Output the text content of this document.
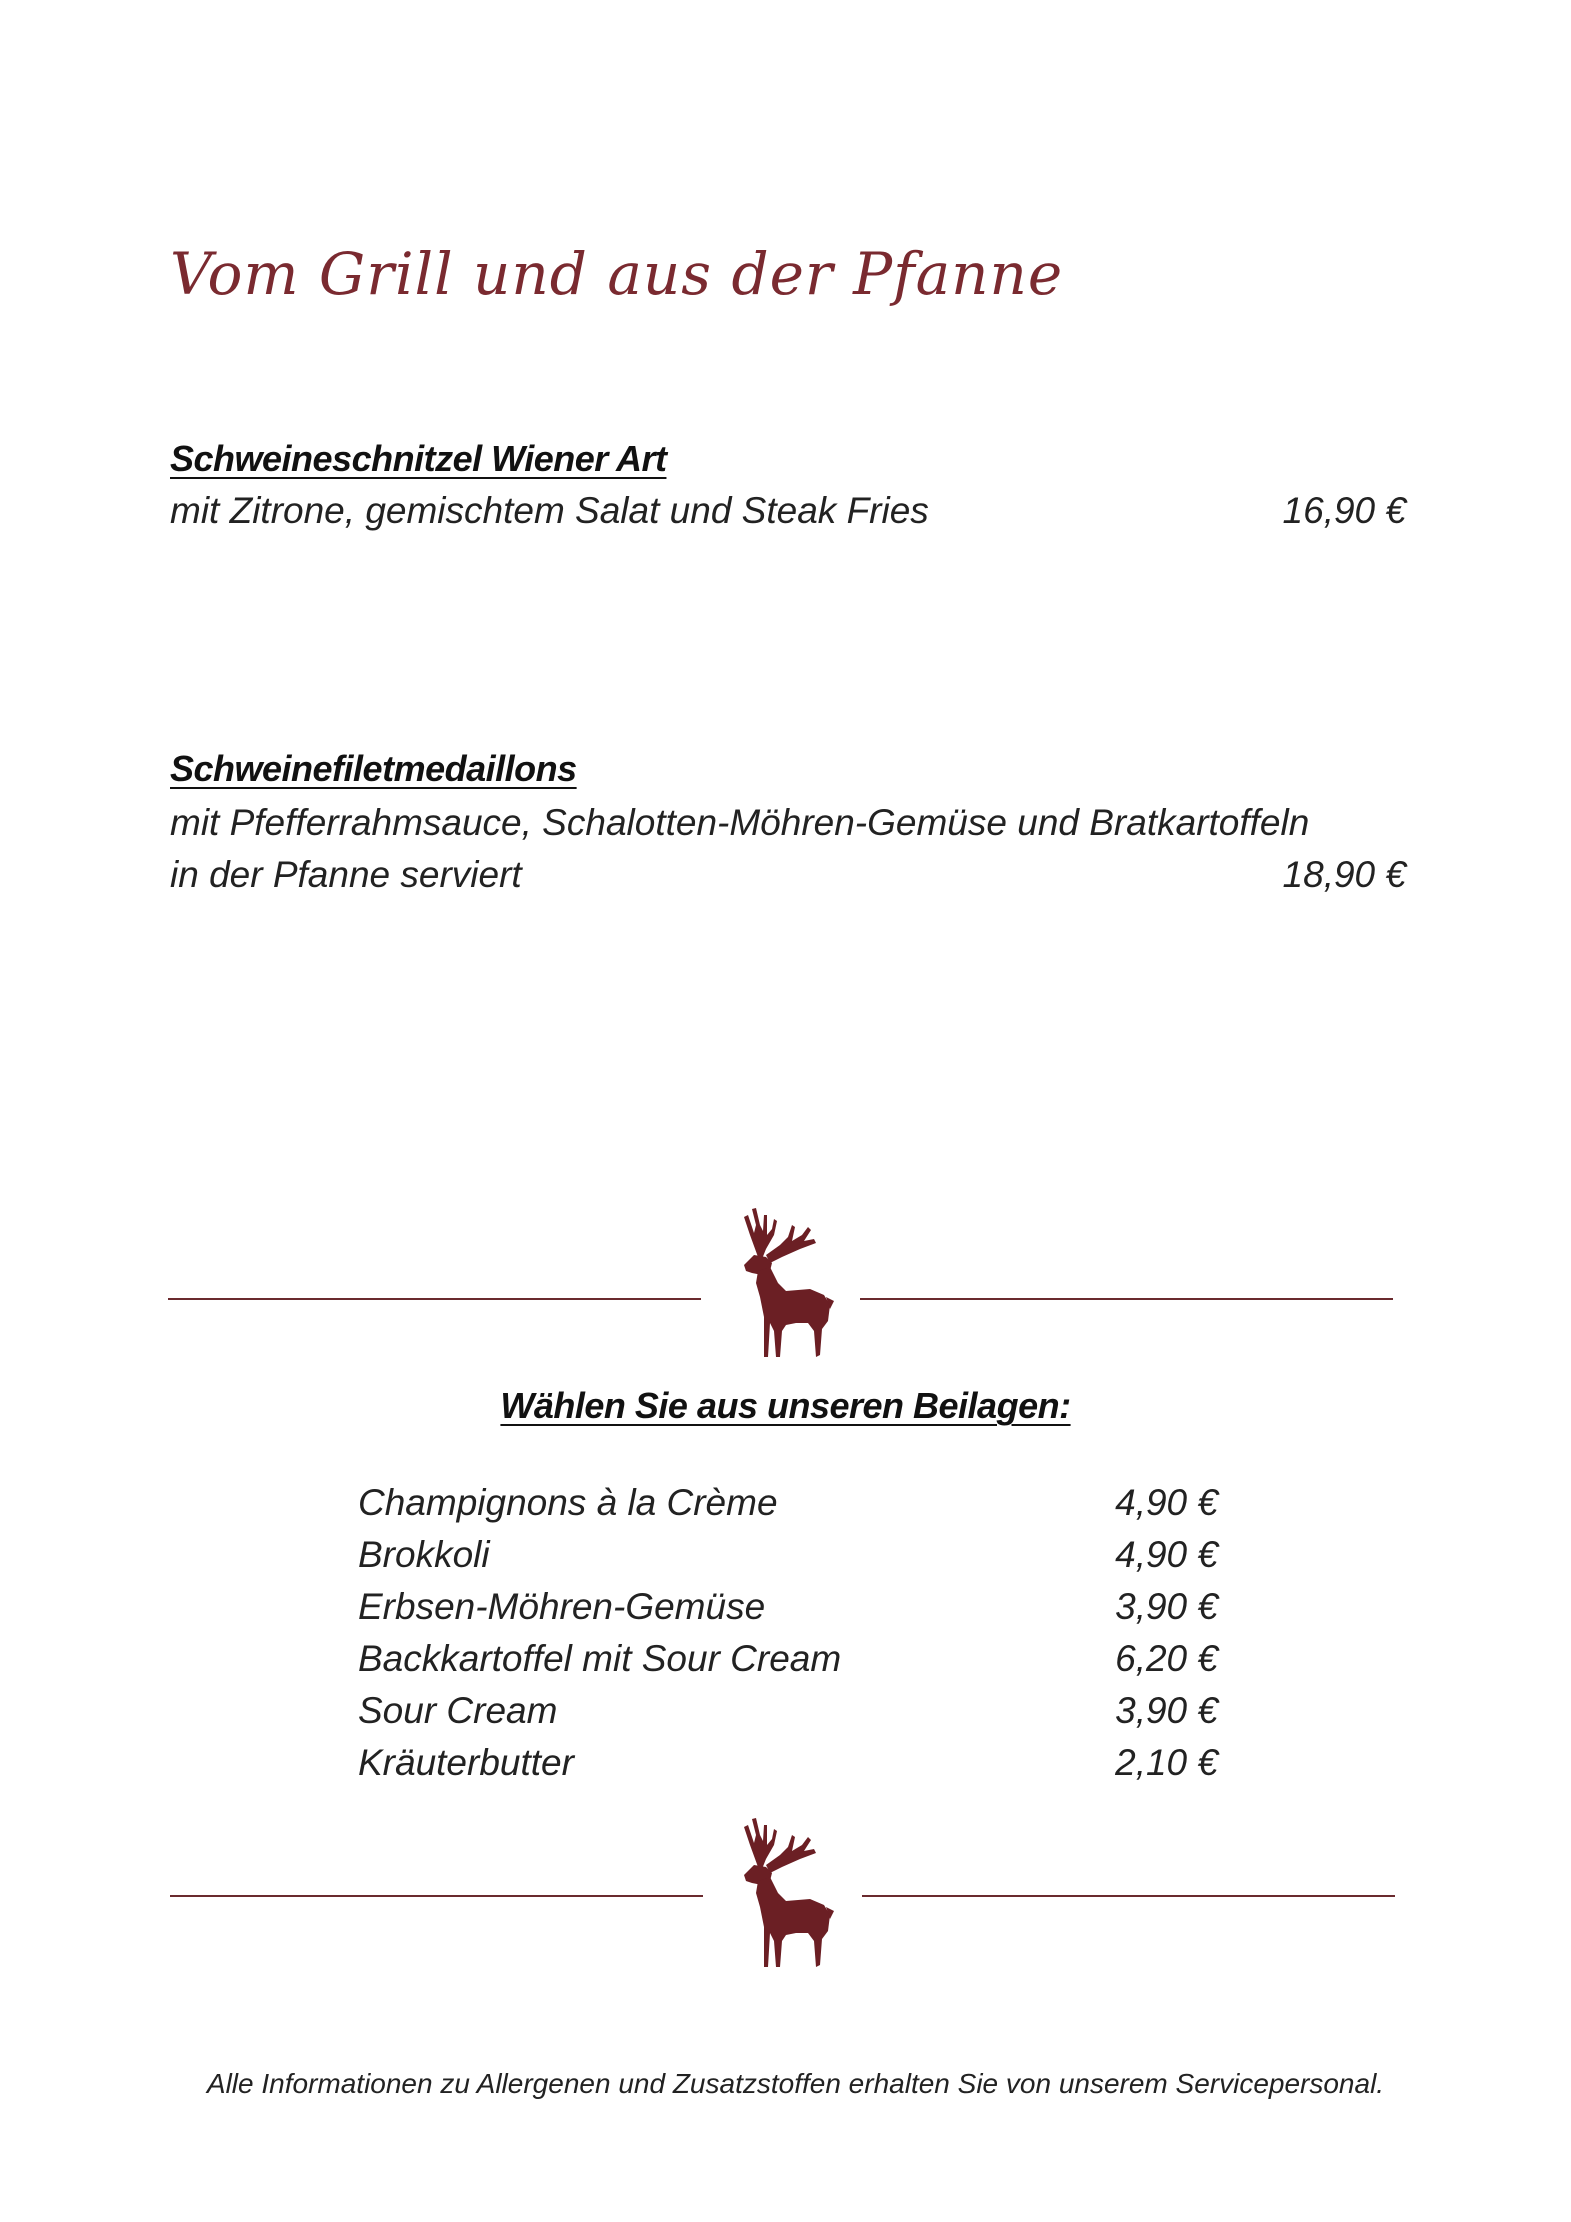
Vom Grill und aus der Pfanne
Schweineschnitzel Wiener Art
mit Zitrone, gemischtem Salat und Steak Fries	16,90 €
Schweinefiletmedaillons
mit Pfefferrahmsauce, Schalotten-Möhren-Gemüse und Bratkartoffeln
in der Pfanne serviert	18,90 €
Wählen Sie aus unseren Beilagen:
Champignons à la Crème	4,90 €
Brokkoli	4,90 €
Erbsen-Möhren-Gemüse	3,90 €
Backkartoffel mit Sour Cream	6,20 €
Sour Cream	3,90 €
Kräuterbutter	2,10 €
Alle Informationen zu Allergenen und Zusatzstoffen erhalten Sie von unserem Servicepersonal.
